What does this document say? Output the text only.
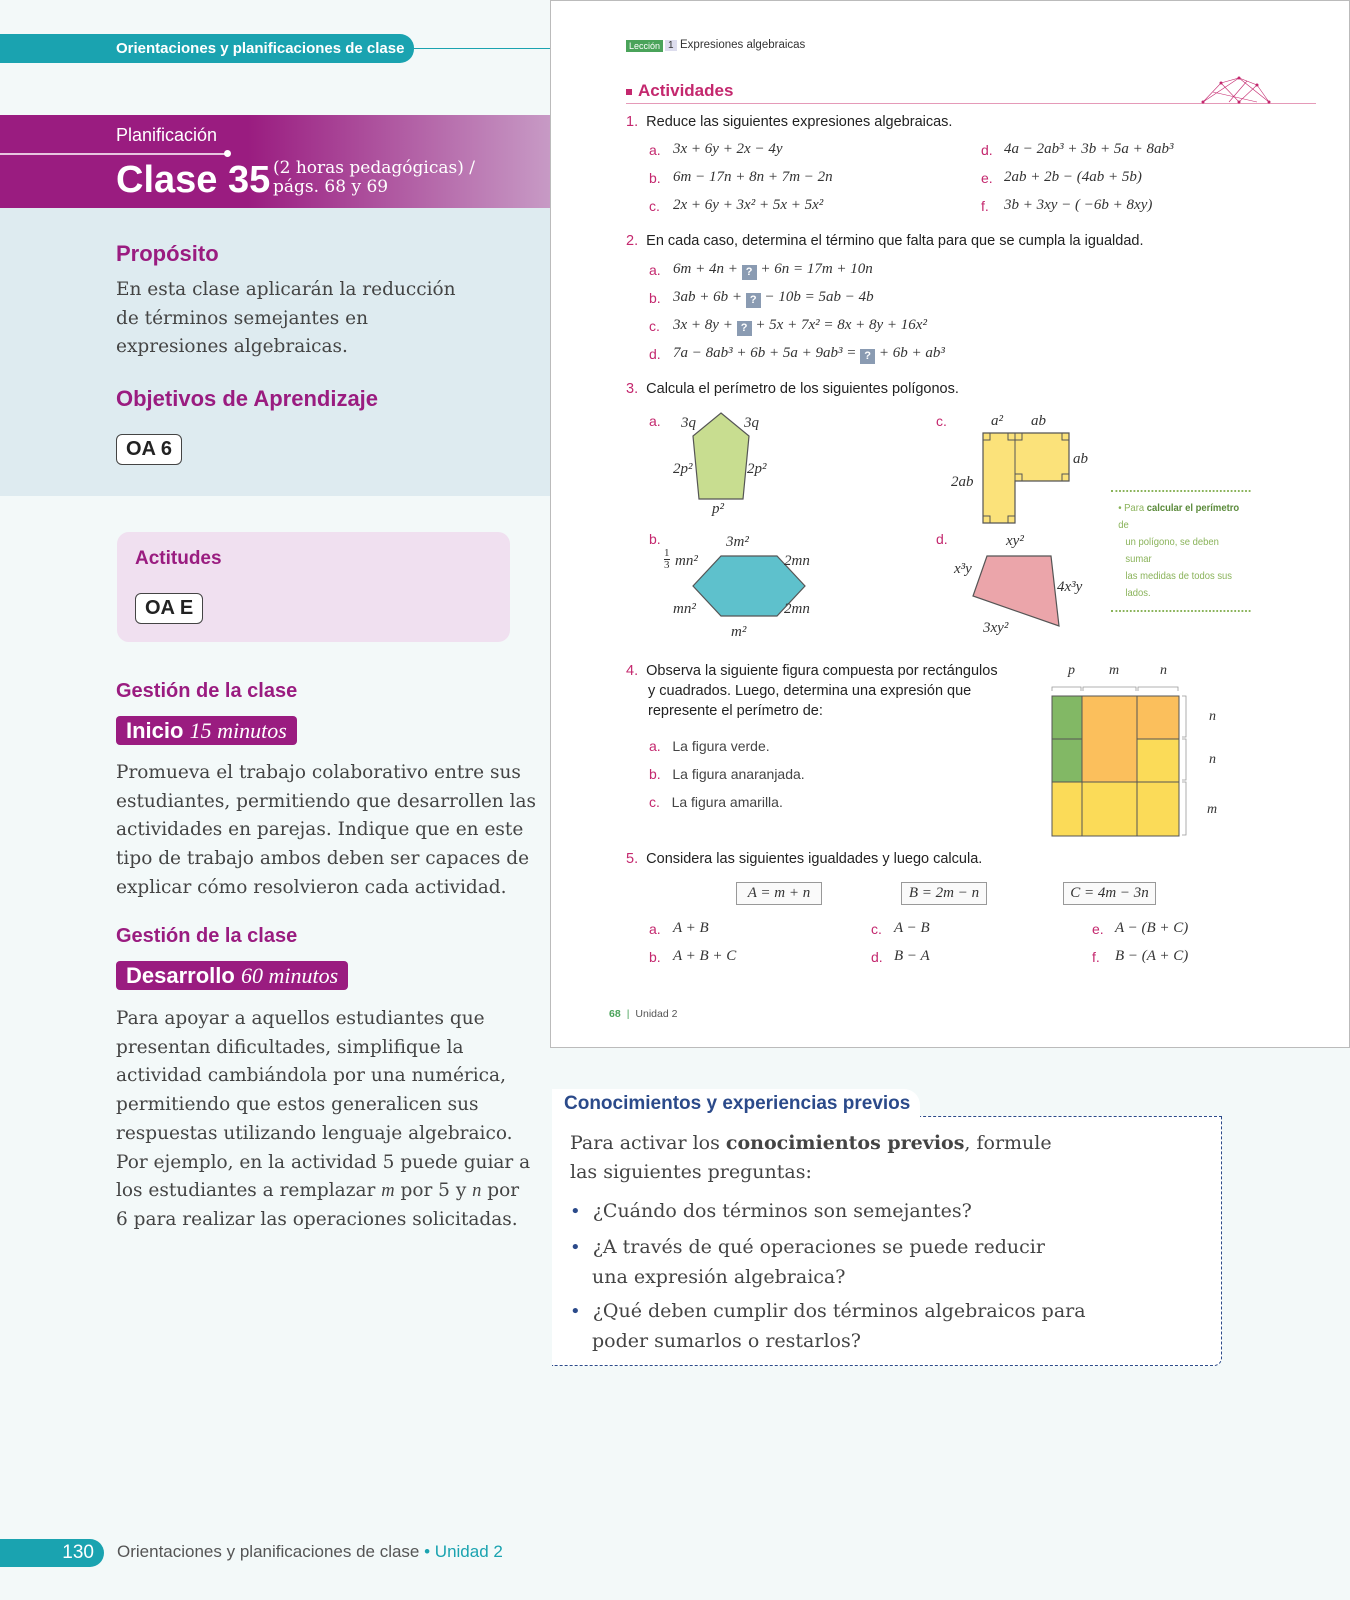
Orientaciones y planificaciones de clase
Planificación
Clase 35 (2 horas pedagógicas) /
págs. 68 y 69
Propósito
En esta clase aplicarán la reducción
de términos semejantes en
expresiones algebraicas.
Objetivos de Aprendizaje
OA 6
Actitudes
OA E
Gestión de la clase
Inicio 15 minutos
Promueva el trabajo colaborativo entre sus
estudiantes, permitiendo que desarrollen las
actividades en parejas. Indique que en este
tipo de trabajo ambos deben ser capaces de
explicar cómo resolvieron cada actividad.
Gestión de la clase
Desarrollo 60 minutos
Para apoyar a aquellos estudiantes que
presentan dificultades, simplifique la
actividad cambiándola por una numérica,
permitiendo que estos generalicen sus
respuestas utilizando lenguaje algebraico.
Por ejemplo, en la actividad 5 puede guiar a
los estudiantes a remplazar m por 5 y n por
6 para realizar las operaciones solicitadas.
Lección 1 Expresiones algebraicas
Actividades
1. Reduce las siguientes expresiones algebraicas.
a. 3x + 6y + 2x − 4y
b. 6m − 17n + 8n + 7m − 2n
c. 2x + 6y + 3x² + 5x + 5x²
d. 4a − 2ab³ + 3b + 5a + 8ab³
e. 2ab + 2b − (4ab + 5b)
f. 3b + 3xy − ( −6b + 8xy)
2. En cada caso, determina el término que falta para que se cumpla la igualdad.
a. 6m + 4n + ? + 6n = 17m + 10n
b. 3ab + 6b + ? − 10b = 5ab − 4b
c. 3x + 8y + ? + 5x + 7x² = 8x + 8y + 16x²
d. 7a − 8ab³ + 6b + 5a + 9ab³ = ? + 6b + ab³
3. Calcula el perímetro de los siguientes polígonos.
a. 3q	3q
2p²	2p²
p²
b.	3m²
$\frac{1}{3} mn^2$	2mn
mn²	2mn
m²
c.	a² ab
ab
2ab
d.	xy²
x³y
4x³y
3xy²
• Para calcular el perímetro de
un polígono, se deben sumar
las medidas de todos sus lados.
4. Observa la siguiente figura compuesta por rectángulos
y cuadrados. Luego, determina una expresión que
represente el perímetro de:
a. La figura verde.
b. La figura anaranjada.
c. La figura amarilla.
p m	n
n
n
m
5. Considera las siguientes igualdades y luego calcula.
A = m + n	B = 2m − n	C = 4m − 3n
a. A + B
b. A + B + C
c. A − B
d. B − A
e. A − (B + C)
f. B − (A + C)
68 | Unidad 2
Para activar los conocimientos previos, formule
las siguientes preguntas:
• ¿Cuándo dos términos son semejantes?
• ¿A través de qué operaciones se puede reducir
una expresión algebraica?
• ¿Qué deben cumplir dos términos algebraicos para
poder sumarlos o restarlos?
Conocimientos y experiencias previos
130	Orientaciones y planificaciones de clase • Unidad 2
